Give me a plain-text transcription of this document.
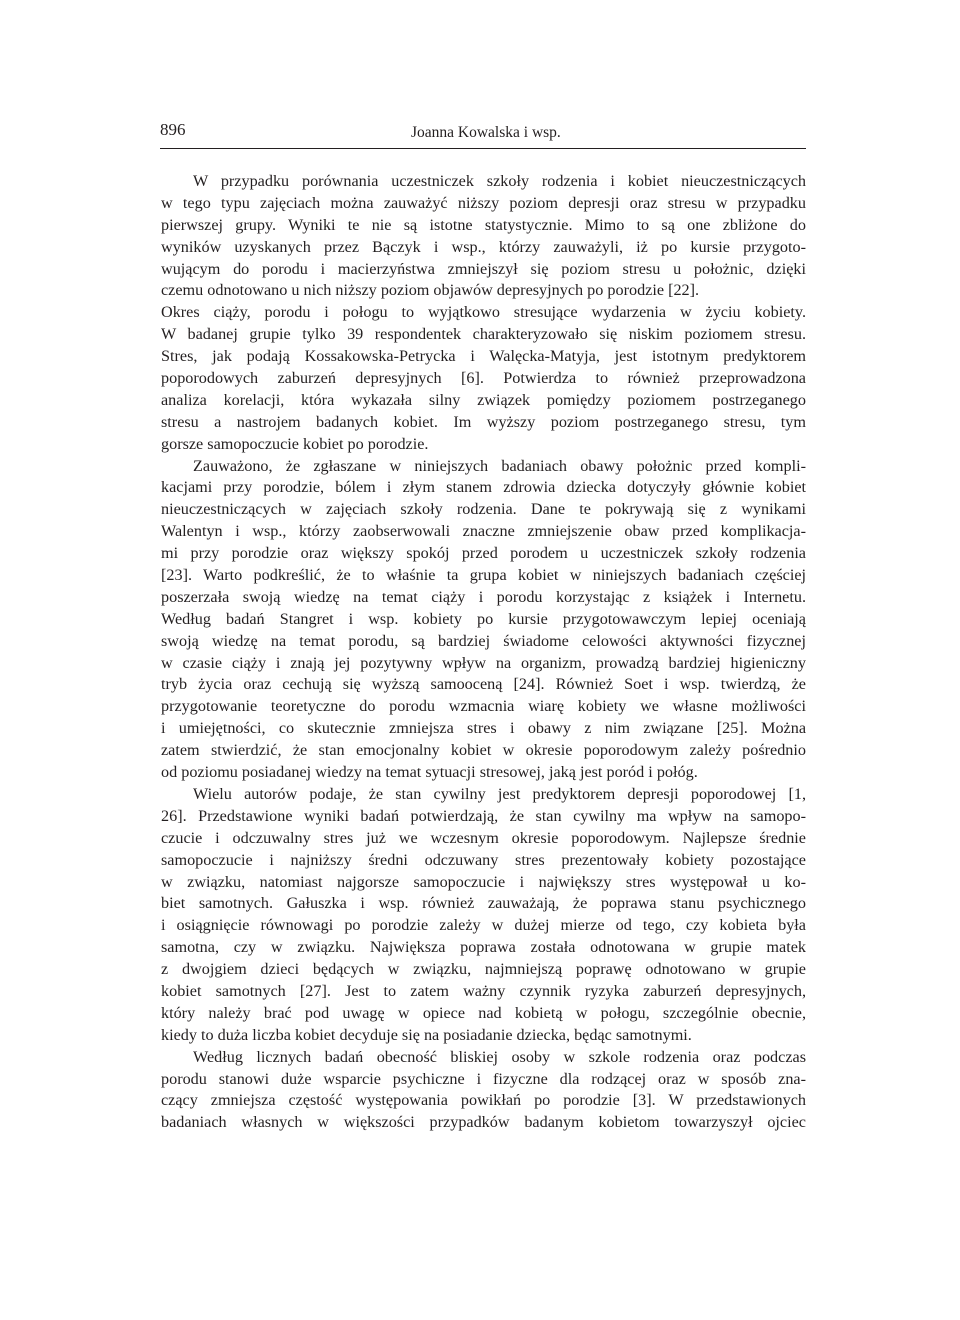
896	Joanna Kowalska i wsp.
W przypadku porównania uczestniczek szkoły rodzenia i kobiet nieuczestniczących
w tego typu zajęciach można zauważyć niższy poziom depresji oraz stresu w przypadku
pierwszej grupy. Wyniki te nie są istotne statystycznie. Mimo to są one zbliżone do
wyników uzyskanych przez Bączyk i wsp., którzy zauważyli, iż po kursie przygoto-
wującym do porodu i macierzyństwa zmniejszył się poziom stresu u położnic, dzięki
czemu odnotowano u nich niższy poziom objawów depresyjnych po porodzie [22].
Okres ciąży, porodu i połogu to wyjątkowo stresujące wydarzenia w życiu kobiety.
W badanej grupie tylko 39 respondentek charakteryzowało się niskim poziomem stresu.
Stres, jak podają Kossakowska-Petrycka i Walęcka-Matyja, jest istotnym predyktorem
poporodowych zaburzeń depresyjnych [6]. Potwierdza to również przeprowadzona
analiza korelacji, która wykazała silny związek pomiędzy poziomem postrzeganego
stresu a nastrojem badanych kobiet. Im wyższy poziom postrzeganego stresu, tym
gorsze samopoczucie kobiet po porodzie.
Zauważono, że zgłaszane w niniejszych badaniach obawy położnic przed kompli-
kacjami przy porodzie, bólem i złym stanem zdrowia dziecka dotyczyły głównie kobiet
nieuczestniczących w zajęciach szkoły rodzenia. Dane te pokrywają się z wynikami
Walentyn i wsp., którzy zaobserwowali znaczne zmniejszenie obaw przed komplikacja-
mi przy porodzie oraz większy spokój przed porodem u uczestniczek szkoły rodzenia
[23]. Warto podkreślić, że to właśnie ta grupa kobiet w niniejszych badaniach częściej
poszerzała swoją wiedzę na temat ciąży i porodu korzystając z książek i Internetu.
Według badań Stangret i wsp. kobiety po kursie przygotowawczym lepiej oceniają
swoją wiedzę na temat porodu, są bardziej świadome celowości aktywności fizycznej
w czasie ciąży i znają jej pozytywny wpływ na organizm, prowadzą bardziej higieniczny
tryb życia oraz cechują się wyższą samooceną [24]. Również Soet i wsp. twierdzą, że
przygotowanie teoretyczne do porodu wzmacnia wiarę kobiety we własne możliwości
i umiejętności, co skutecznie zmniejsza stres i obawy z nim związane [25]. Można
zatem stwierdzić, że stan emocjonalny kobiet w okresie poporodowym zależy pośrednio
od poziomu posiadanej wiedzy na temat sytuacji stresowej, jaką jest poród i połóg.
Wielu autorów podaje, że stan cywilny jest predyktorem depresji poporodowej [1,
26]. Przedstawione wyniki badań potwierdzają, że stan cywilny ma wpływ na samopo-
czucie i odczuwalny stres już we wczesnym okresie poporodowym. Najlepsze średnie
samopoczucie i najniższy średni odczuwany stres prezentowały kobiety pozostające
w związku, natomiast najgorsze samopoczucie i największy stres występował u ko-
biet samotnych. Gałuszka i wsp. również zauważają, że poprawa stanu psychicznego
i osiągnięcie równowagi po porodzie zależy w dużej mierze od tego, czy kobieta była
samotna, czy w związku. Największa poprawa została odnotowana w grupie matek
z dwojgiem dzieci będących w związku, najmniejszą poprawę odnotowano w grupie
kobiet samotnych [27]. Jest to zatem ważny czynnik ryzyka zaburzeń depresyjnych,
który należy brać pod uwagę w opiece nad kobietą w połogu, szczególnie obecnie,
kiedy to duża liczba kobiet decyduje się na posiadanie dziecka, będąc samotnymi.
Według licznych badań obecność bliskiej osoby w szkole rodzenia oraz podczas
porodu stanowi duże wsparcie psychiczne i fizyczne dla rodzącej oraz w sposób zna-
czący zmniejsza częstość występowania powikłań po porodzie [3]. W przedstawionych
badaniach własnych w większości przypadków badanym kobietom towarzyszył ojciec
